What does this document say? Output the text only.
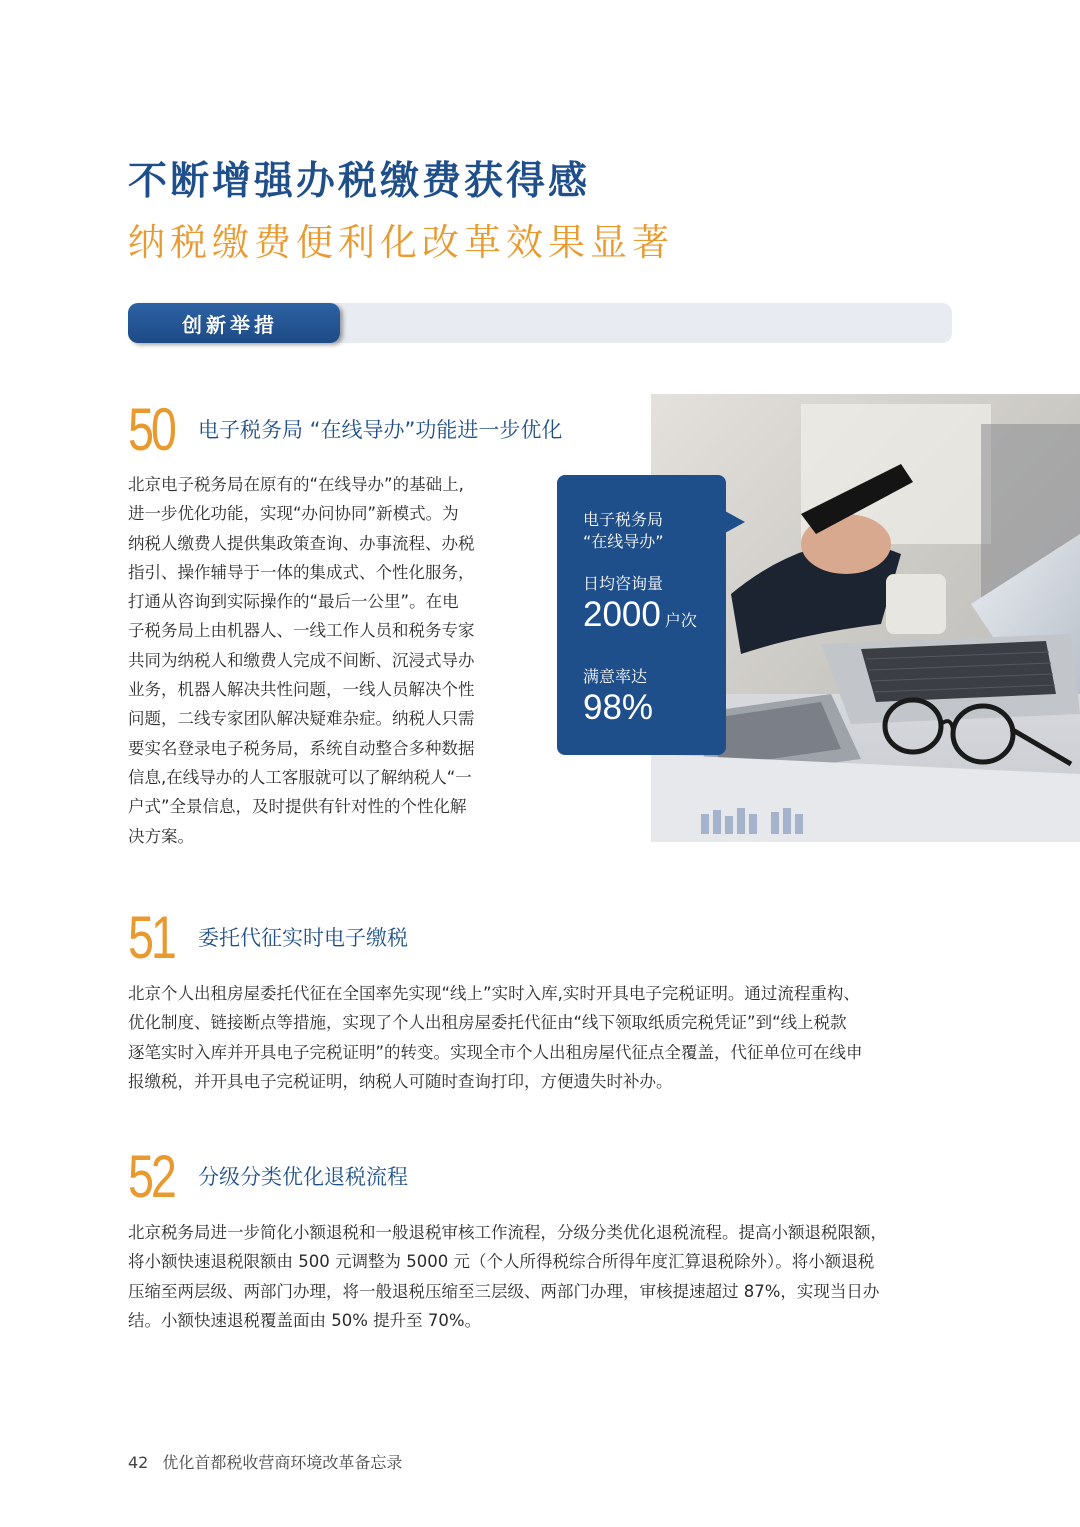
不断增强办税缴费获得感
纳税缴费便利化改革效果显著
创新举措
50 电子税务局 “在线导办”功能进一步优化
北京电子税务局在原有的“在线导办”的基础上,
进一步优化功能，实现“办问协同”新模式。为
纳税人缴费人提供集政策查询、办事流程、办税
指引、操作辅导于一体的集成式、个性化服务，
打通从咨询到实际操作的“最后一公里”。在电
子税务局上由机器人、一线工作人员和税务专家
共同为纳税人和缴费人完成不间断、沉浸式导办
业务，机器人解决共性问题，一线人员解决个性
问题，二线专家团队解决疑难杂症。纳税人只需
要实名登录电子税务局，系统自动整合多种数据
信息,在线导办的人工客服就可以了解纳税人“一
户式”全景信息，及时提供有针对性的个性化解
决方案。
电子税务局
“在线导办”
日均咨询量
2000 户次
满意率达
98%
51 委托代征实时电子缴税
北京个人出租房屋委托代征在全国率先实现“线上”实时入库,实时开具电子完税证明。通过流程重构、
优化制度、链接断点等措施，实现了个人出租房屋委托代征由“线下领取纸质完税凭证”到“线上税款
逐笔实时入库并开具电子完税证明”的转变。实现全市个人出租房屋代征点全覆盖，代征单位可在线申
报缴税，并开具电子完税证明，纳税人可随时查询打印，方便遗失时补办。
52 分级分类优化退税流程
北京税务局进一步简化小额退税和一般退税审核工作流程，分级分类优化退税流程。提高小额退税限额，
将小额快速退税限额由 500 元调整为 5000 元（个人所得税综合所得年度汇算退税除外）。将小额退税
压缩至两层级、两部门办理，将一般退税压缩至三层级、两部门办理，审核提速超过 87%，实现当日办
结。小额快速退税覆盖面由 50% 提升至 70%。
42 优化首都税收营商环境改革备忘录
